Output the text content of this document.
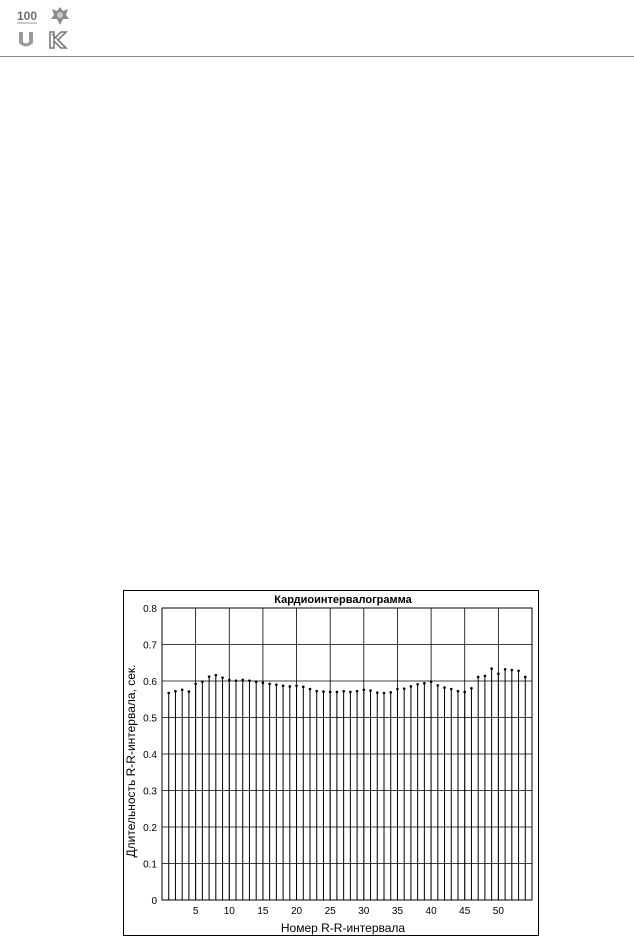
100
Кардиоинтервалограмма
Номер R-R-интервала
Длительность R-R-интервала, сек.
0
0.1
0.2
0.3
0.4
0.5
0.6
0.7
0.8
5	10 15 20 25 30 35 40 45 50
